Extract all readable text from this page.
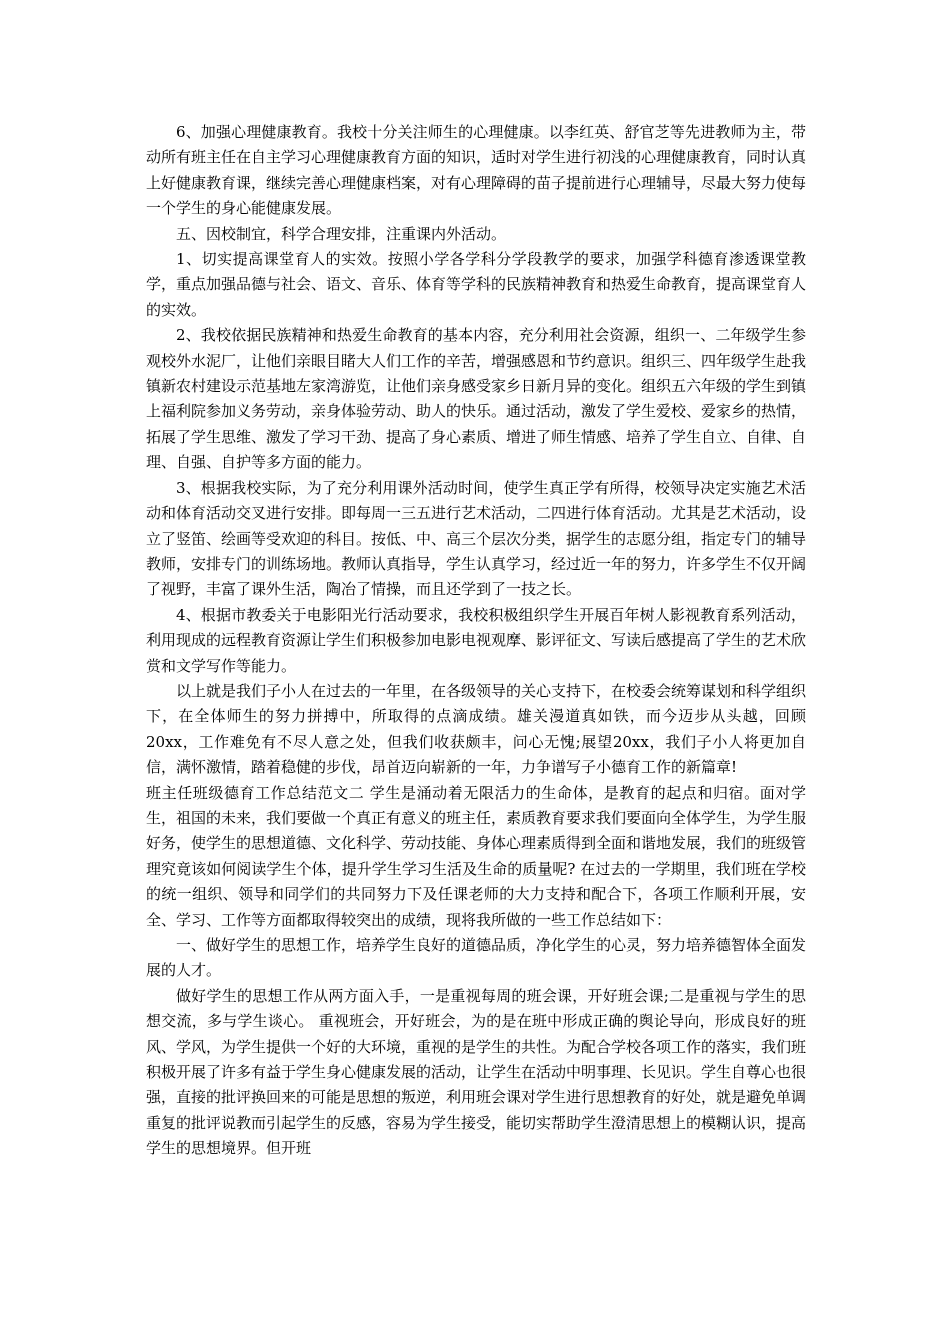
6、加强心理健康教育。我校十分关注师生的心理健康。以李红英、舒官芝等先进教师为主，带动所有班主任在自主学习心理健康教育方面的知识，适时对学生进行初浅的心理健康教育，同时认真上好健康教育课，继续完善心理健康档案，对有心理障碍的苗子提前进行心理辅导，尽最大努力使每一个学生的身心能健康发展。

五、因校制宜，科学合理安排，注重课内外活动。

1、切实提高课堂育人的实效。按照小学各学科分学段教学的要求，加强学科德育渗透课堂教学，重点加强品德与社会、语文、音乐、体育等学科的民族精神教育和热爱生命教育，提高课堂育人的实效。

2、我校依据民族精神和热爱生命教育的基本内容，充分利用社会资源，组织一、二年级学生参观校外水泥厂，让他们亲眼目睹大人们工作的辛苦，增强感恩和节约意识。组织三、四年级学生赴我镇新农村建设示范基地左家湾游览，让他们亲身感受家乡日新月异的变化。组织五六年级的学生到镇上福利院参加义务劳动，亲身体验劳动、助人的快乐。通过活动，激发了学生爱校、爱家乡的热情，拓展了学生思维、激发了学习干劲、提高了身心素质、增进了师生情感、培养了学生自立、自律、自理、自强、自护等多方面的能力。

3、根据我校实际，为了充分利用课外活动时间，使学生真正学有所得，校领导决定实施艺术活动和体育活动交叉进行安排。即每周一三五进行艺术活动，二四进行体育活动。尤其是艺术活动，设立了竖笛、绘画等受欢迎的科目。按低、中、高三个层次分类，据学生的志愿分组，指定专门的辅导教师，安排专门的训练场地。教师认真指导，学生认真学习，经过近一年的努力，许多学生不仅开阔了视野，丰富了课外生活，陶冶了情操，而且还学到了一技之长。

4、根据市教委关于电影阳光行活动要求，我校积极组织学生开展百年树人影视教育系列活动，利用现成的远程教育资源让学生们积极参加电影电视观摩、影评征文、写读后感提高了学生的艺术欣赏和文学写作等能力。

以上就是我们子小人在过去的一年里，在各级领导的关心支持下，在校委会统筹谋划和科学组织下，在全体师生的努力拼搏中，所取得的点滴成绩。雄关漫道真如铁，而今迈步从头越，回顾20xx，工作难免有不尽人意之处，但我们收获颇丰，问心无愧;展望20xx，我们子小人将更加自信，满怀激情，踏着稳健的步伐，昂首迈向崭新的一年，力争谱写子小德育工作的新篇章!

班主任班级德育工作总结范文二 学生是涌动着无限活力的生命体，是教育的起点和归宿。面对学生，祖国的未来，我们要做一个真正有意义的班主任，素质教育要求我们要面向全体学生，为学生服好务，使学生的思想道德、文化科学、劳动技能、身体心理素质得到全面和谐地发展，我们的班级管理究竟该如何阅读学生个体，提升学生学习生活及生命的质量呢? 在过去的一学期里，我们班在学校的统一组织、领导和同学们的共同努力下及任课老师的大力支持和配合下，各项工作顺利开展，安全、学习、工作等方面都取得较突出的成绩，现将我所做的一些工作总结如下：

一、做好学生的思想工作，培养学生良好的道德品质，净化学生的心灵，努力培养德智体全面发展的人才。

做好学生的思想工作从两方面入手，一是重视每周的班会课，开好班会课;二是重视与学生的思想交流，多与学生谈心。 重视班会，开好班会，为的是在班中形成正确的舆论导向，形成良好的班风、学风，为学生提供一个好的大环境，重视的是学生的共性。为配合学校各项工作的落实，我们班积极开展了许多有益于学生身心健康发展的活动，让学生在活动中明事理、长见识。学生自尊心也很强，直接的批评换回来的可能是思想的叛逆，利用班会课对学生进行思想教育的好处，就是避免单调重复的批评说教而引起学生的反感，容易为学生接受，能切实帮助学生澄清思想上的模糊认识，提高学生的思想境界。但开班
